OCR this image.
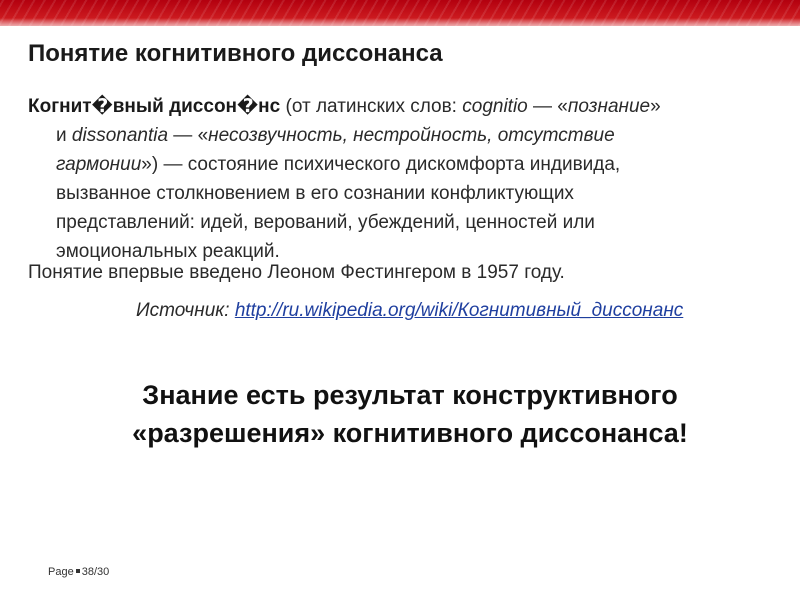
Понятие когнитивного диссонанса
Когнит�вный диссон�нс (от латинских слов: cognitio — «познание»
и dissonantia — «несозвучность, нестройность, отсутствие
гармонии») — состояние психического дискомфорта индивида,
вызванное столкновением в его сознании конфликтующих
представлений: идей, верований, убеждений, ценностей или
эмоциональных реакций.
Понятие впервые введено Леоном Фестингером в 1957 году.
Источник: http://ru.wikipedia.org/wiki/Когнитивный_диссонанс
Знание есть результат конструктивного
«разрешения» когнитивного диссонанса!
Page 38/30
